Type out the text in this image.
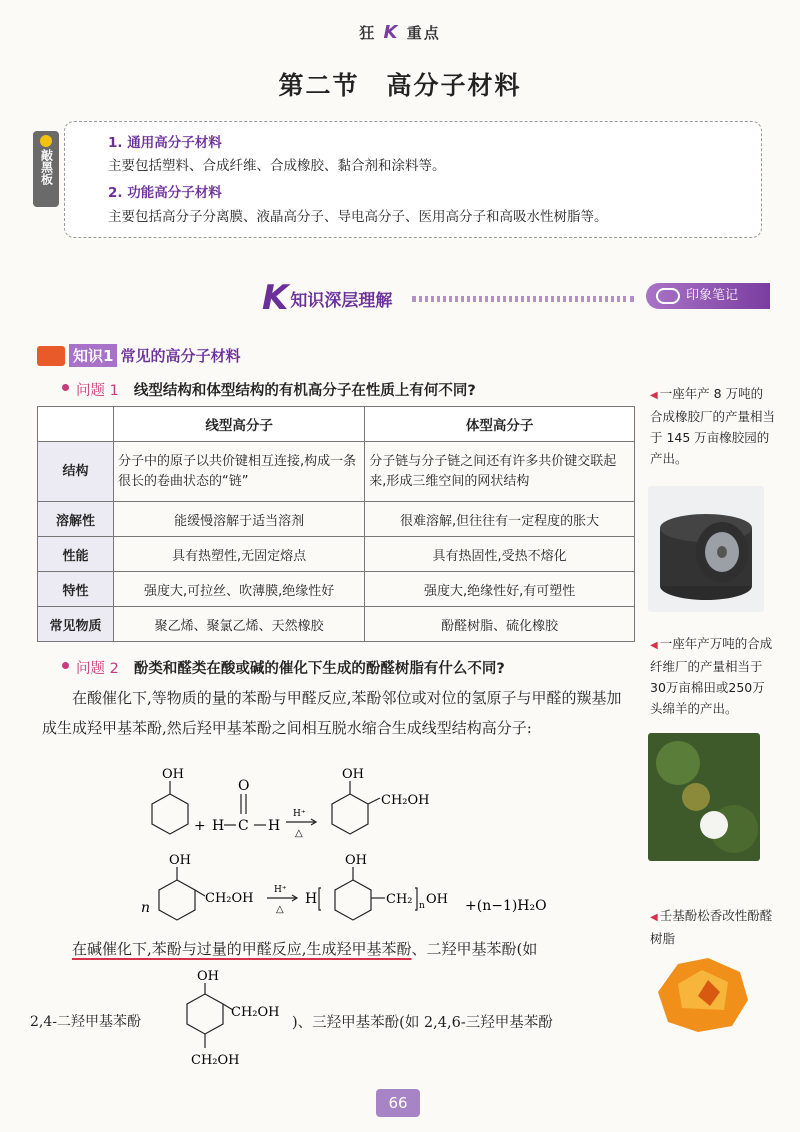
狂 K 重点
第二节　高分子材料
敲黑板
1. 通用高分子材料
主要包括塑料、合成纤维、合成橡胶、黏合剂和涂料等。
2. 功能高分子材料
主要包括高分子分离膜、液晶高分子、导电高分子、医用高分子和高吸水性树脂等。
K 知识深层理解	印象笔记
知识1 常见的高分子材料
问题 1 线型结构和体型结构的有机高分子在性质上有何不同?
	线型高分子	体型高分子
结构	分子中的原子以共价键相互连接,构成一条很长的卷曲状态的“链”	分子链与分子链之间还有许多共价键交联起来,形成三维空间的网状结构
溶解性	能缓慢溶解于适当溶剂	很难溶解,但往往有一定程度的胀大
性能	具有热塑性,无固定熔点	具有热固性,受热不熔化
特性	强度大,可拉丝、吹薄膜,绝缘性好	强度大,绝缘性好,有可塑性
常见物质	聚乙烯、聚氯乙烯、天然橡胶	酚醛树脂、硫化橡胶
问题 2 酚类和醛类在酸或碱的催化下生成的酚醛树脂有什么不同?
在酸催化下,等物质的量的苯酚与甲醛反应,苯酚邻位或对位的氢原子与甲醛的羰基加成生成羟甲基苯酚,然后羟甲基苯酚之间相互脱水缩合生成线型结构高分子:
OH
+ H C H
O
H⁺
△
OH
CH₂OH
n
OH
CH₂OH
H⁺
△
H
OH
CH₂ n OH +(n−1)H₂O
在碱催化下,苯酚与过量的甲醛反应,生成羟甲基苯酚、二羟甲基苯酚(如
2,4-二羟甲基苯酚
OH
CH₂OH
CH₂OH
)、三羟甲基苯酚(如 2,4,6-三羟甲基苯酚
◀ 一座年产 8 万吨的合成橡胶厂的产量相当于 145 万亩橡胶园的产出。
◀ 一座年产万吨的合成纤维厂的产量相当于30万亩棉田或250万头绵羊的产出。
◀ 壬基酚松香改性酚醛树脂
66
